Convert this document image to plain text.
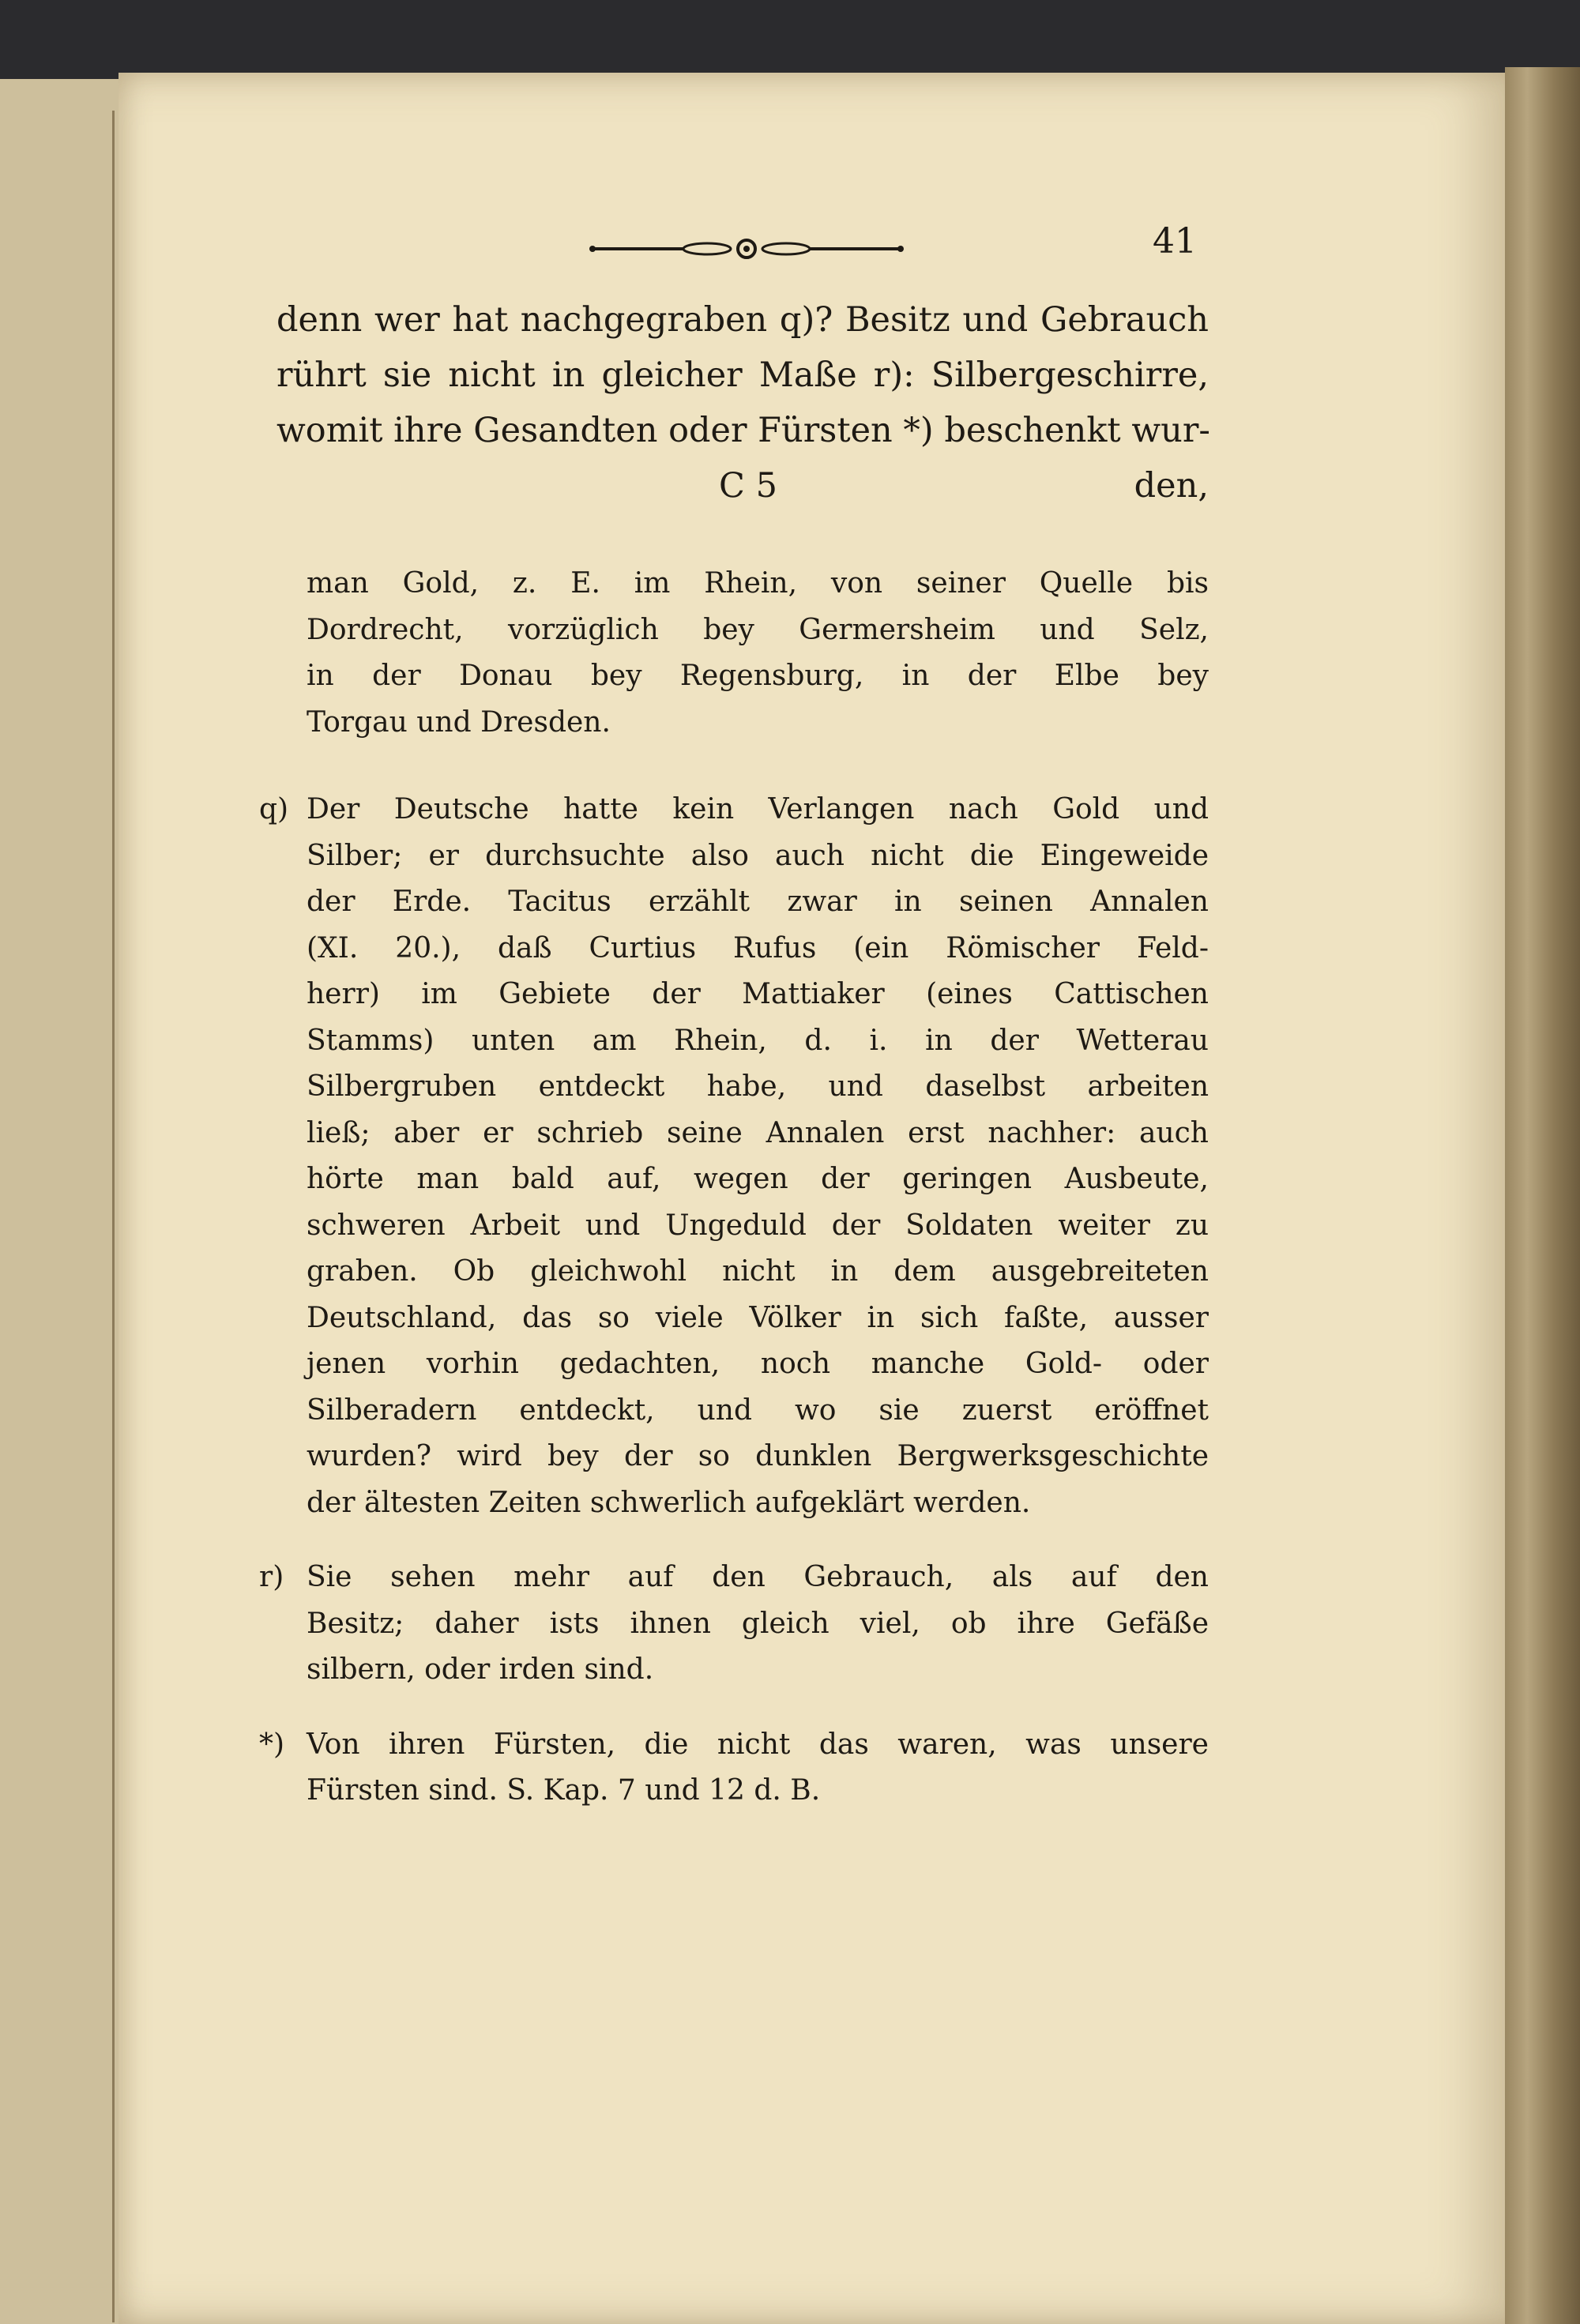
41
denn wer hat nachgegraben q)? Besitz und Gebrauch
rührt sie nicht in gleicher Maße r): Silbergeschirre,
womit ihre Gesandten oder Fürsten *) beschenkt wur-
C 5	den,
man Gold, z. E. im Rhein, von seiner Quelle bis
Dordrecht, vorzüglich bey Germersheim und Selz,
in der Donau bey Regensburg, in der Elbe bey
Torgau und Dresden.
q) Der Deutsche hatte kein Verlangen nach Gold und
Silber; er durchsuchte also auch nicht die Eingeweide
der Erde. Tacitus erzählt zwar in seinen Annalen
(XI. 20.), daß Curtius Rufus (ein Römischer Feld-
herr) im Gebiete der Mattiaker (eines Cattischen
Stamms) unten am Rhein, d. i. in der Wetterau
Silbergruben entdeckt habe, und daselbst arbeiten
ließ; aber er schrieb seine Annalen erst nachher: auch
hörte man bald auf, wegen der geringen Ausbeute,
schweren Arbeit und Ungeduld der Soldaten weiter zu
graben. Ob gleichwohl nicht in dem ausgebreiteten
Deutschland, das so viele Völker in sich faßte, ausser
jenen vorhin gedachten, noch manche Gold- oder
Silberadern entdeckt, und wo sie zuerst eröffnet
wurden? wird bey der so dunklen Bergwerksgeschichte
der ältesten Zeiten schwerlich aufgeklärt werden.
r) Sie sehen mehr auf den Gebrauch, als auf den
Besitz; daher ists ihnen gleich viel, ob ihre Gefäße
silbern, oder irden sind.
*) Von ihren Fürsten, die nicht das waren, was unsere
Fürsten sind. S. Kap. 7 und 12 d. B.
